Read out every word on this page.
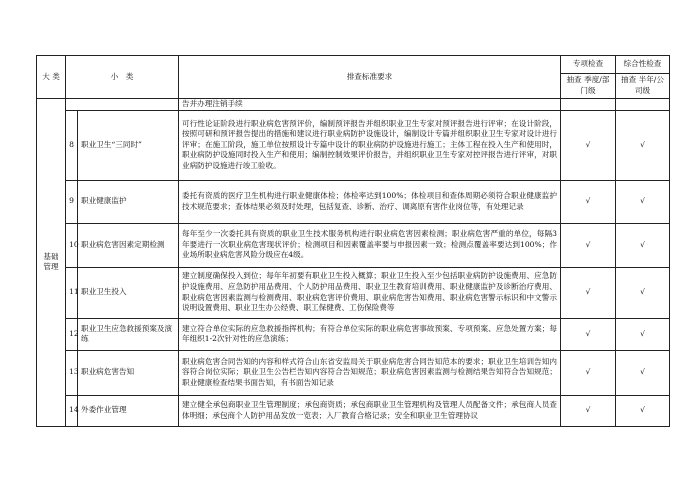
大 类	小　类		排查标准要求	专项检查	综合性检查
				抽查 季度/部门级	抽查 半年/公司级
基础管理			告并办理注销手续		
	8	职业卫生“三同时”	可行性论证阶段进行职业病危害预评价，编制预评报告并组织职业卫生专家对预评报告进行评审；在设计阶段，按照可研和预评报告提出的措施和建议进行职业病防护设施设计，编制设计专篇并组织职业卫生专家对设计进行评审；在施工阶段，施工单位按照设计专篇中设计的职业病防护设施进行施工；主体工程在投入生产和使用时，职业病防护设施同时投入生产和使用；编制控制效果评价报告，并组织职业卫生专家对控评报告进行评审，对职业病防护设施进行竣工验收。	√	√
	9	职业健康监护	委托有资质的医疗卫生机构进行职业健康体检；体检率达到100%；体检项目和查体周期必须符合职业健康监护技术规范要求；查体结果必须及时处理，包括复查、诊断、治疗、调离原有害作业岗位等，有处理记录	√	√
	10	职业病危害因素定期检测	每年至少一次委托具有资质的职业卫生技术服务机构进行职业病危害因素检测；职业病危害严重的单位，每隔3年要进行一次职业病危害现状评价；检测项目和因素覆盖率要与申报因素一致；检测点覆盖率要达到100%；作业场所职业病危害风险分级应在4级。	√	√
	11	职业卫生投入	建立制度确保投入到位；每年年初要有职业卫生投入概算；职业卫生投入至少包括职业病防护设施费用、应急防护设施费用、应急防护用品费用、个人防护用品费用、职业卫生教育培训费用、职业健康监护及诊断治疗费用、职业病危害因素监测与检测费用、职业病危害评价费用、职业病危害告知费用、职业病危害警示标识和中文警示说明设置费用、职业卫生办公经费、职工保健费、工伤保险费等	√	√
	12	职业卫生应急救援预案及演练	建立符合单位实际的应急救援指挥机构；有符合单位实际的职业病危害事故预案、专项预案、应急处置方案；每年组织1-2次针对性的应急演练；	√	√
	13	职业病危害告知	职业病危害合同告知的内容和样式符合山东省安监局关于职业病危害合同告知范本的要求；职业卫生培训告知内容符合岗位实际；职业卫生公告栏告知内容符合告知规范；职业病危害因素监测与检测结果告知符合告知规范；职业健康检查结果书面告知，有书面告知记录	√	√
	14	外委作业管理	建立健全承包商职业卫生管理制度；承包商资质；承包商职业卫生管理机构及管理人员配备文件；承包商人员查体明细；承包商个人防护用品发放一览表；入厂教育合格记录；安全和职业卫生管理协议	√	√
